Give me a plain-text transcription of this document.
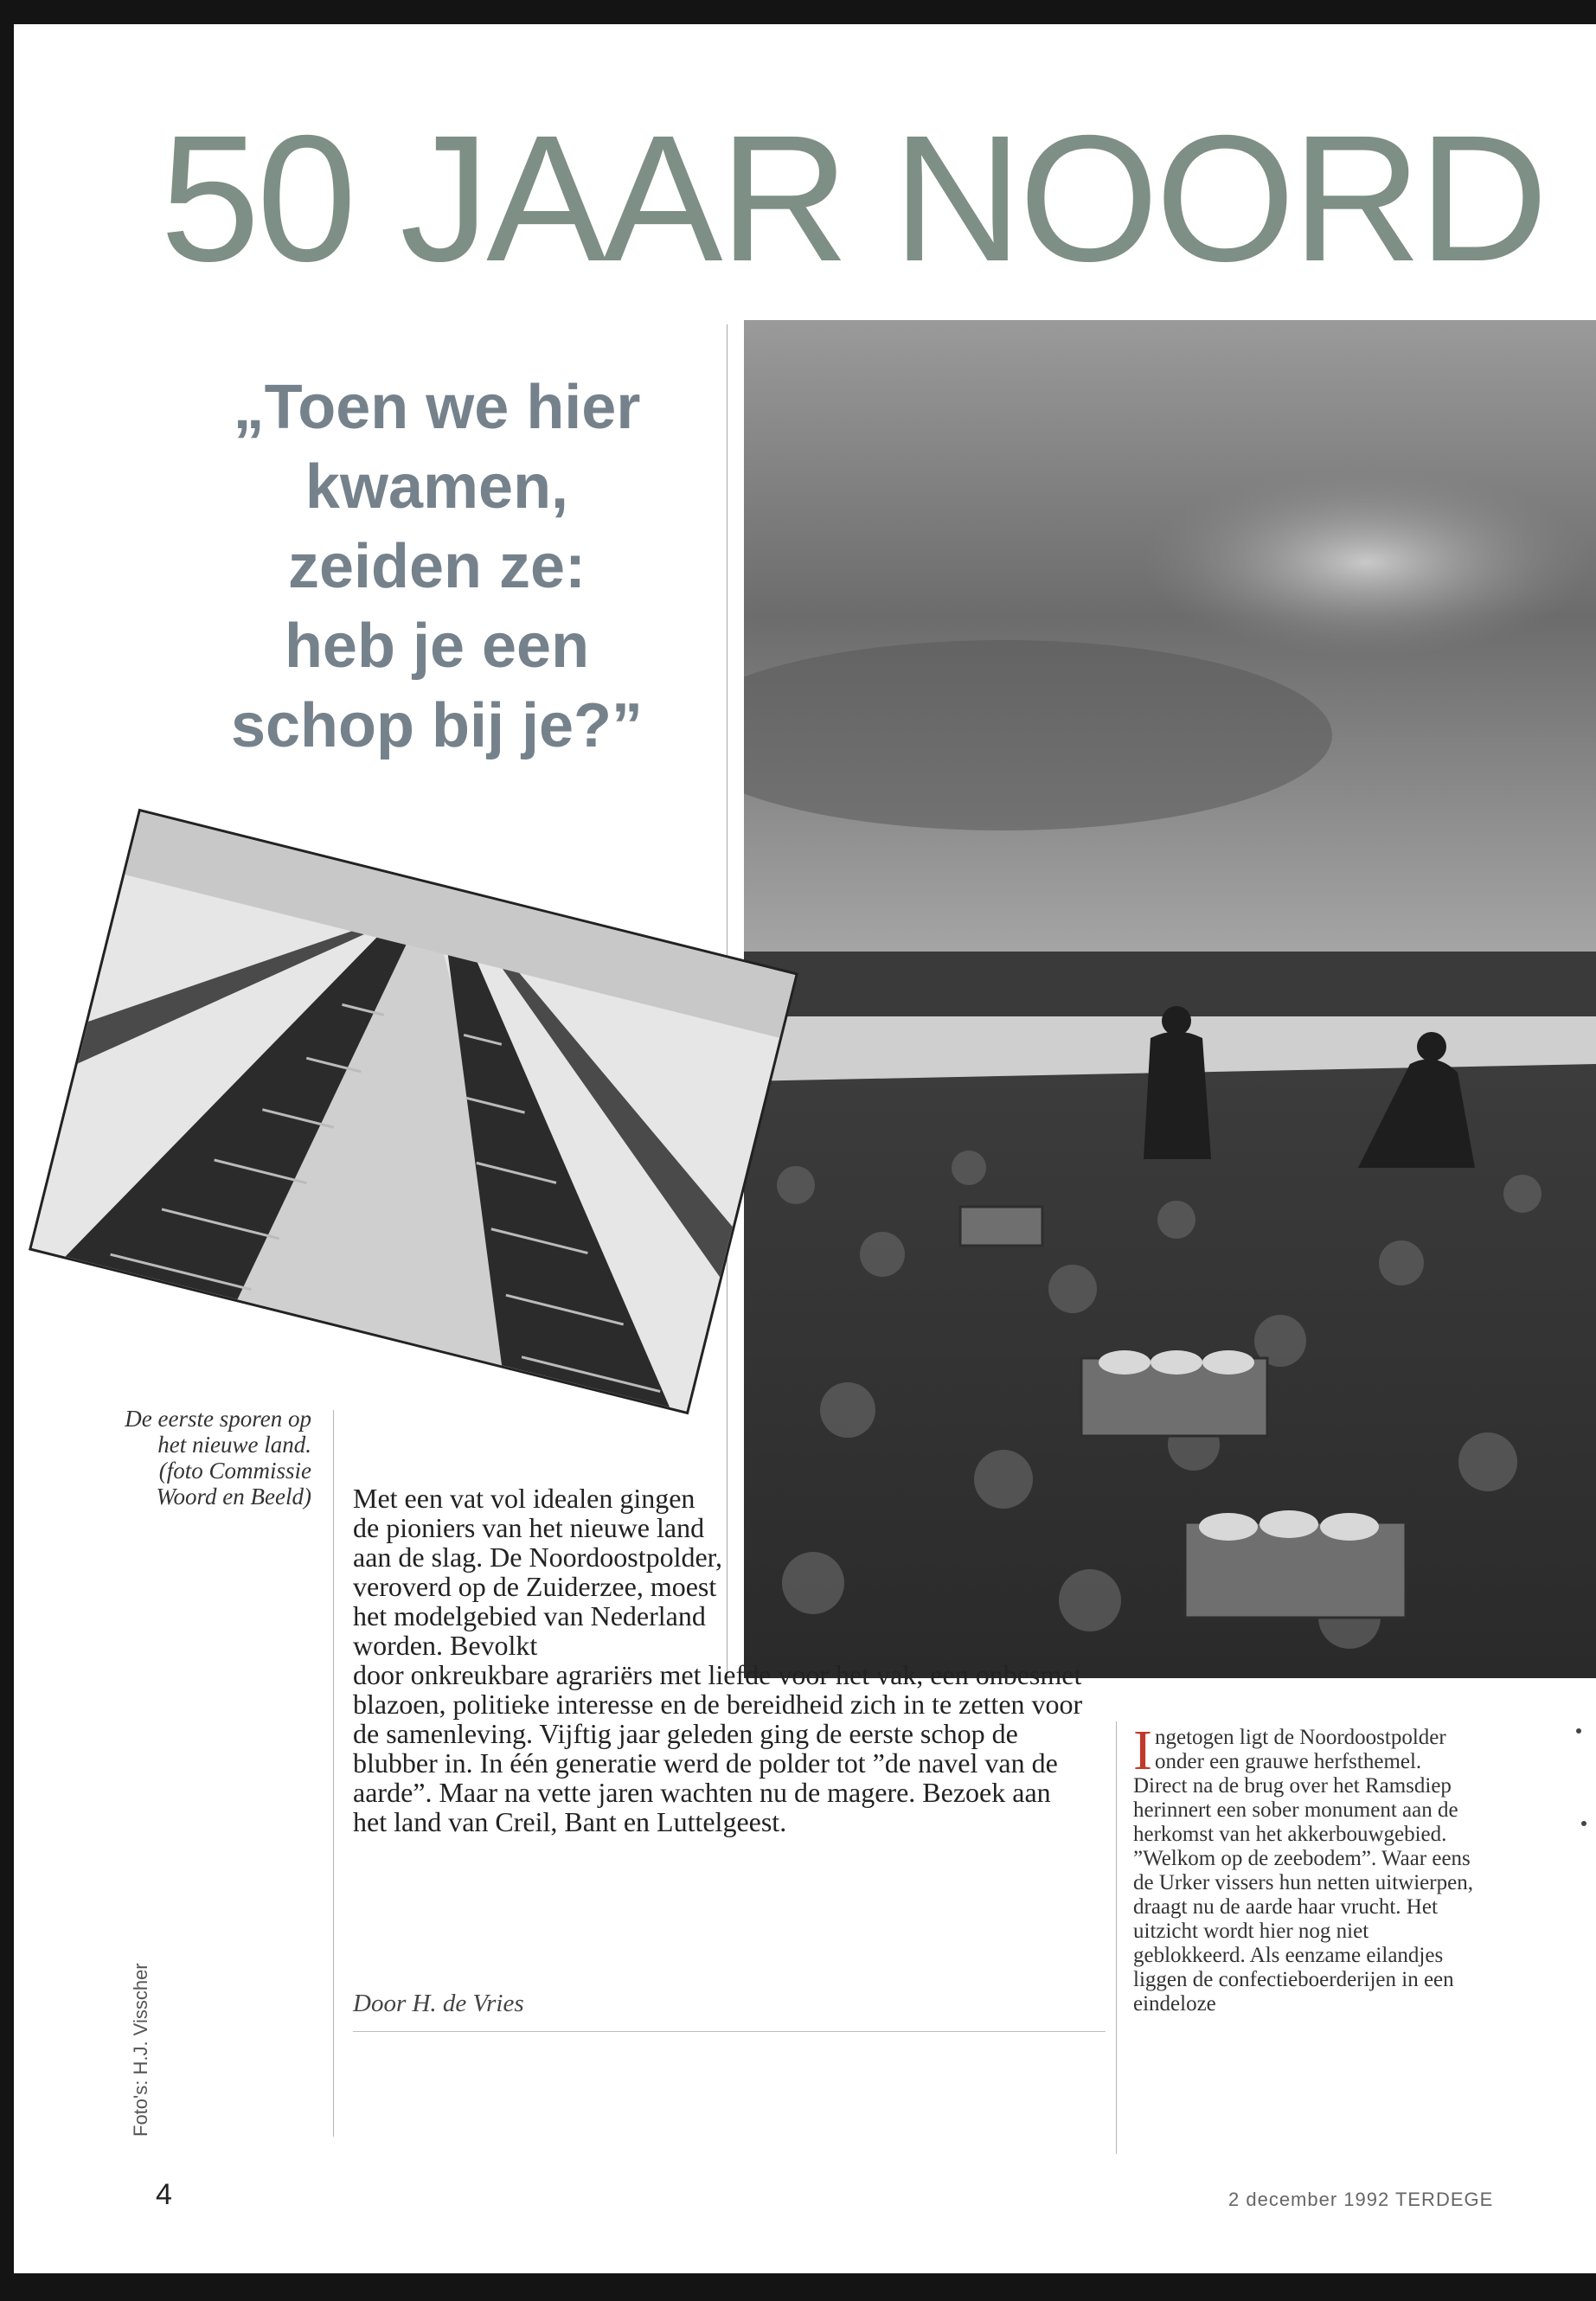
50 JAAR NOORD

„Toen we hier
kwamen,
zeiden ze:
heb je een
schop bij je?”

De eerste sporen op het nieuwe land. (foto Commissie Woord en Beeld) Met een vat vol idealen gingen de pioniers van het nieuwe land aan de slag. De Noordoostpolder, veroverd op de Zuiderzee, moest het modelgebied van Nederland worden. Bevolkt
door onkreukbare agrariërs met liefde voor het vak, een onbesmet blazoen, politieke interesse en de bereidheid zich in te zetten voor de samenleving. Vijftig jaar geleden ging de eerste schop de blubber in. In één generatie werd de polder tot ”de navel van de aarde”. Maar na vette jaren wachten nu de magere. Bezoek aan het land van Creil, Bant en Luttelgeest.
Door H. de Vries
Ingetogen ligt de Noordoostpolder onder een grauwe herfsthemel. Direct na de brug over het Ramsdiep herinnert een sober monument aan de herkomst van het akkerbouwgebied. ”Welkom op de zeebodem”. Waar eens de Urker vissers hun netten uitwierpen, draagt nu de aarde haar vrucht. Het uitzicht wordt hier nog niet geblokkeerd. Als eenzame eilandjes liggen de confectieboerderijen in een eindeloze
Foto's: H.J. Visscher
4	2 december 1992 TERDEGE
